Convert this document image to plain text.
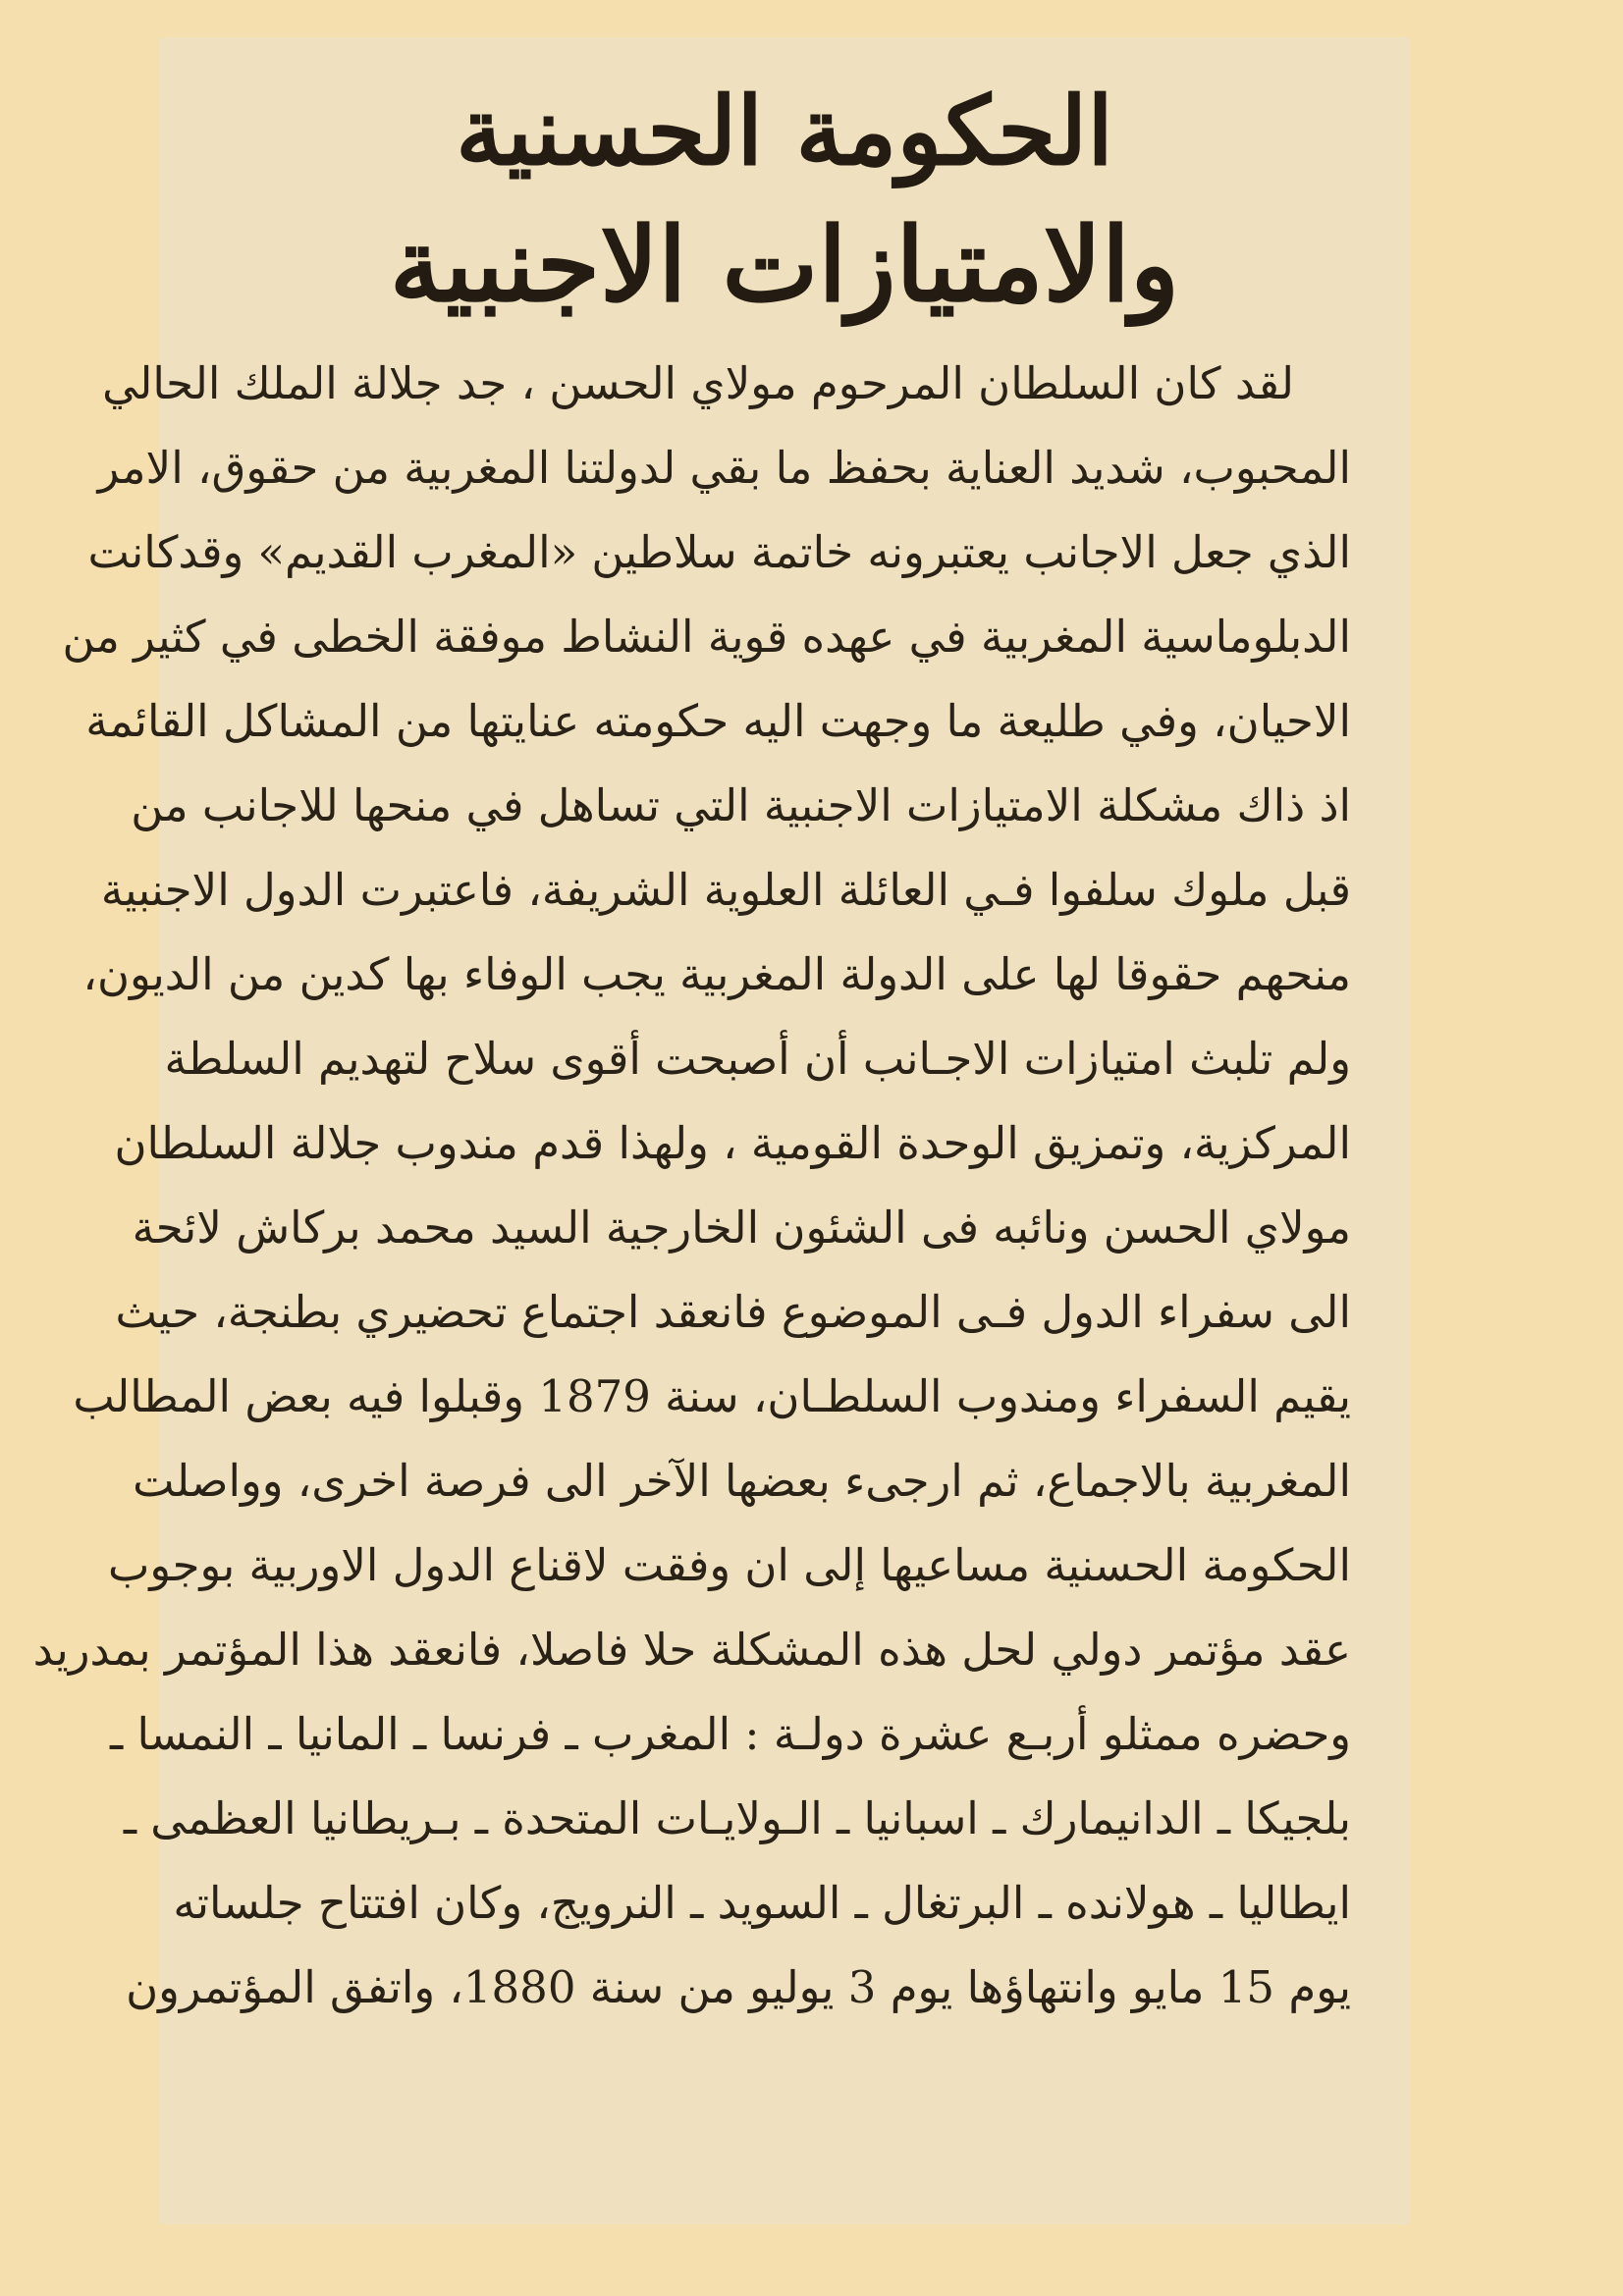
الحكومة الحسنية
والامتيازات الاجنبية
لقد كان السلطان المرحوم مولاي الحسن ، جد جلالة الملك الحالي
المحبوب، شديد العناية بحفظ ما بقي لدولتنا المغربية من حقوق، الامر
الذي جعل الاجانب يعتبرونه خاتمة سلاطين «المغرب القديم» وقدكانت
الدبلوماسية المغربية في عهده قوية النشاط موفقة الخطى في كثير من
الاحيان، وفي طليعة ما وجهت اليه حكومته عنايتها من المشاكل القائمة
اذ ذاك مشكلة الامتيازات الاجنبية التي تساهل في منحها للاجانب من
قبل ملوك سلفوا فـي العائلة العلوية الشريفة، فاعتبرت الدول الاجنبية
منحهم حقوقا لها على الدولة المغربية يجب الوفاء بها كدين من الديون،
ولم تلبث امتيازات الاجـانب أن أصبحت أقوى سلاح لتهديم السلطة
المركزية، وتمزيق الوحدة القومية ، ولهذا قدم مندوب جلالة السلطان
مولاي الحسن ونائبه فى الشئون الخارجية السيد محمد بركاش لائحة
الى سفراء الدول فـى الموضوع فانعقد اجتماع تحضيري بطنجة، حيث
يقيم السفراء ومندوب السلطـان، سنة 1879 وقبلوا فيه بعض المطالب
المغربية بالاجماع، ثم ارجىء بعضها الآخر الى فرصة اخرى، وواصلت
الحكومة الحسنية مساعيها إلى ان وفقت لاقناع الدول الاوربية بوجوب
عقد مؤتمر دولي لحل هذه المشكلة حلا فاصلا، فانعقد هذا المؤتمر بمدريد
وحضره ممثلو أربـع عشرة دولـة : المغرب ـ فرنسا ـ المانيا ـ النمسا ـ
بلجيكا ـ الدانيمارك ـ اسبانيا ـ الـولايـات المتحدة ـ بـريطانيا العظمى ـ
ايطاليا ـ هولانده ـ البرتغال ـ السويد ـ النرويج، وكان افتتاح جلساته
يوم 15 مايو وانتهاؤها يوم 3 يوليو من سنة 1880، واتفق المؤتمرون
